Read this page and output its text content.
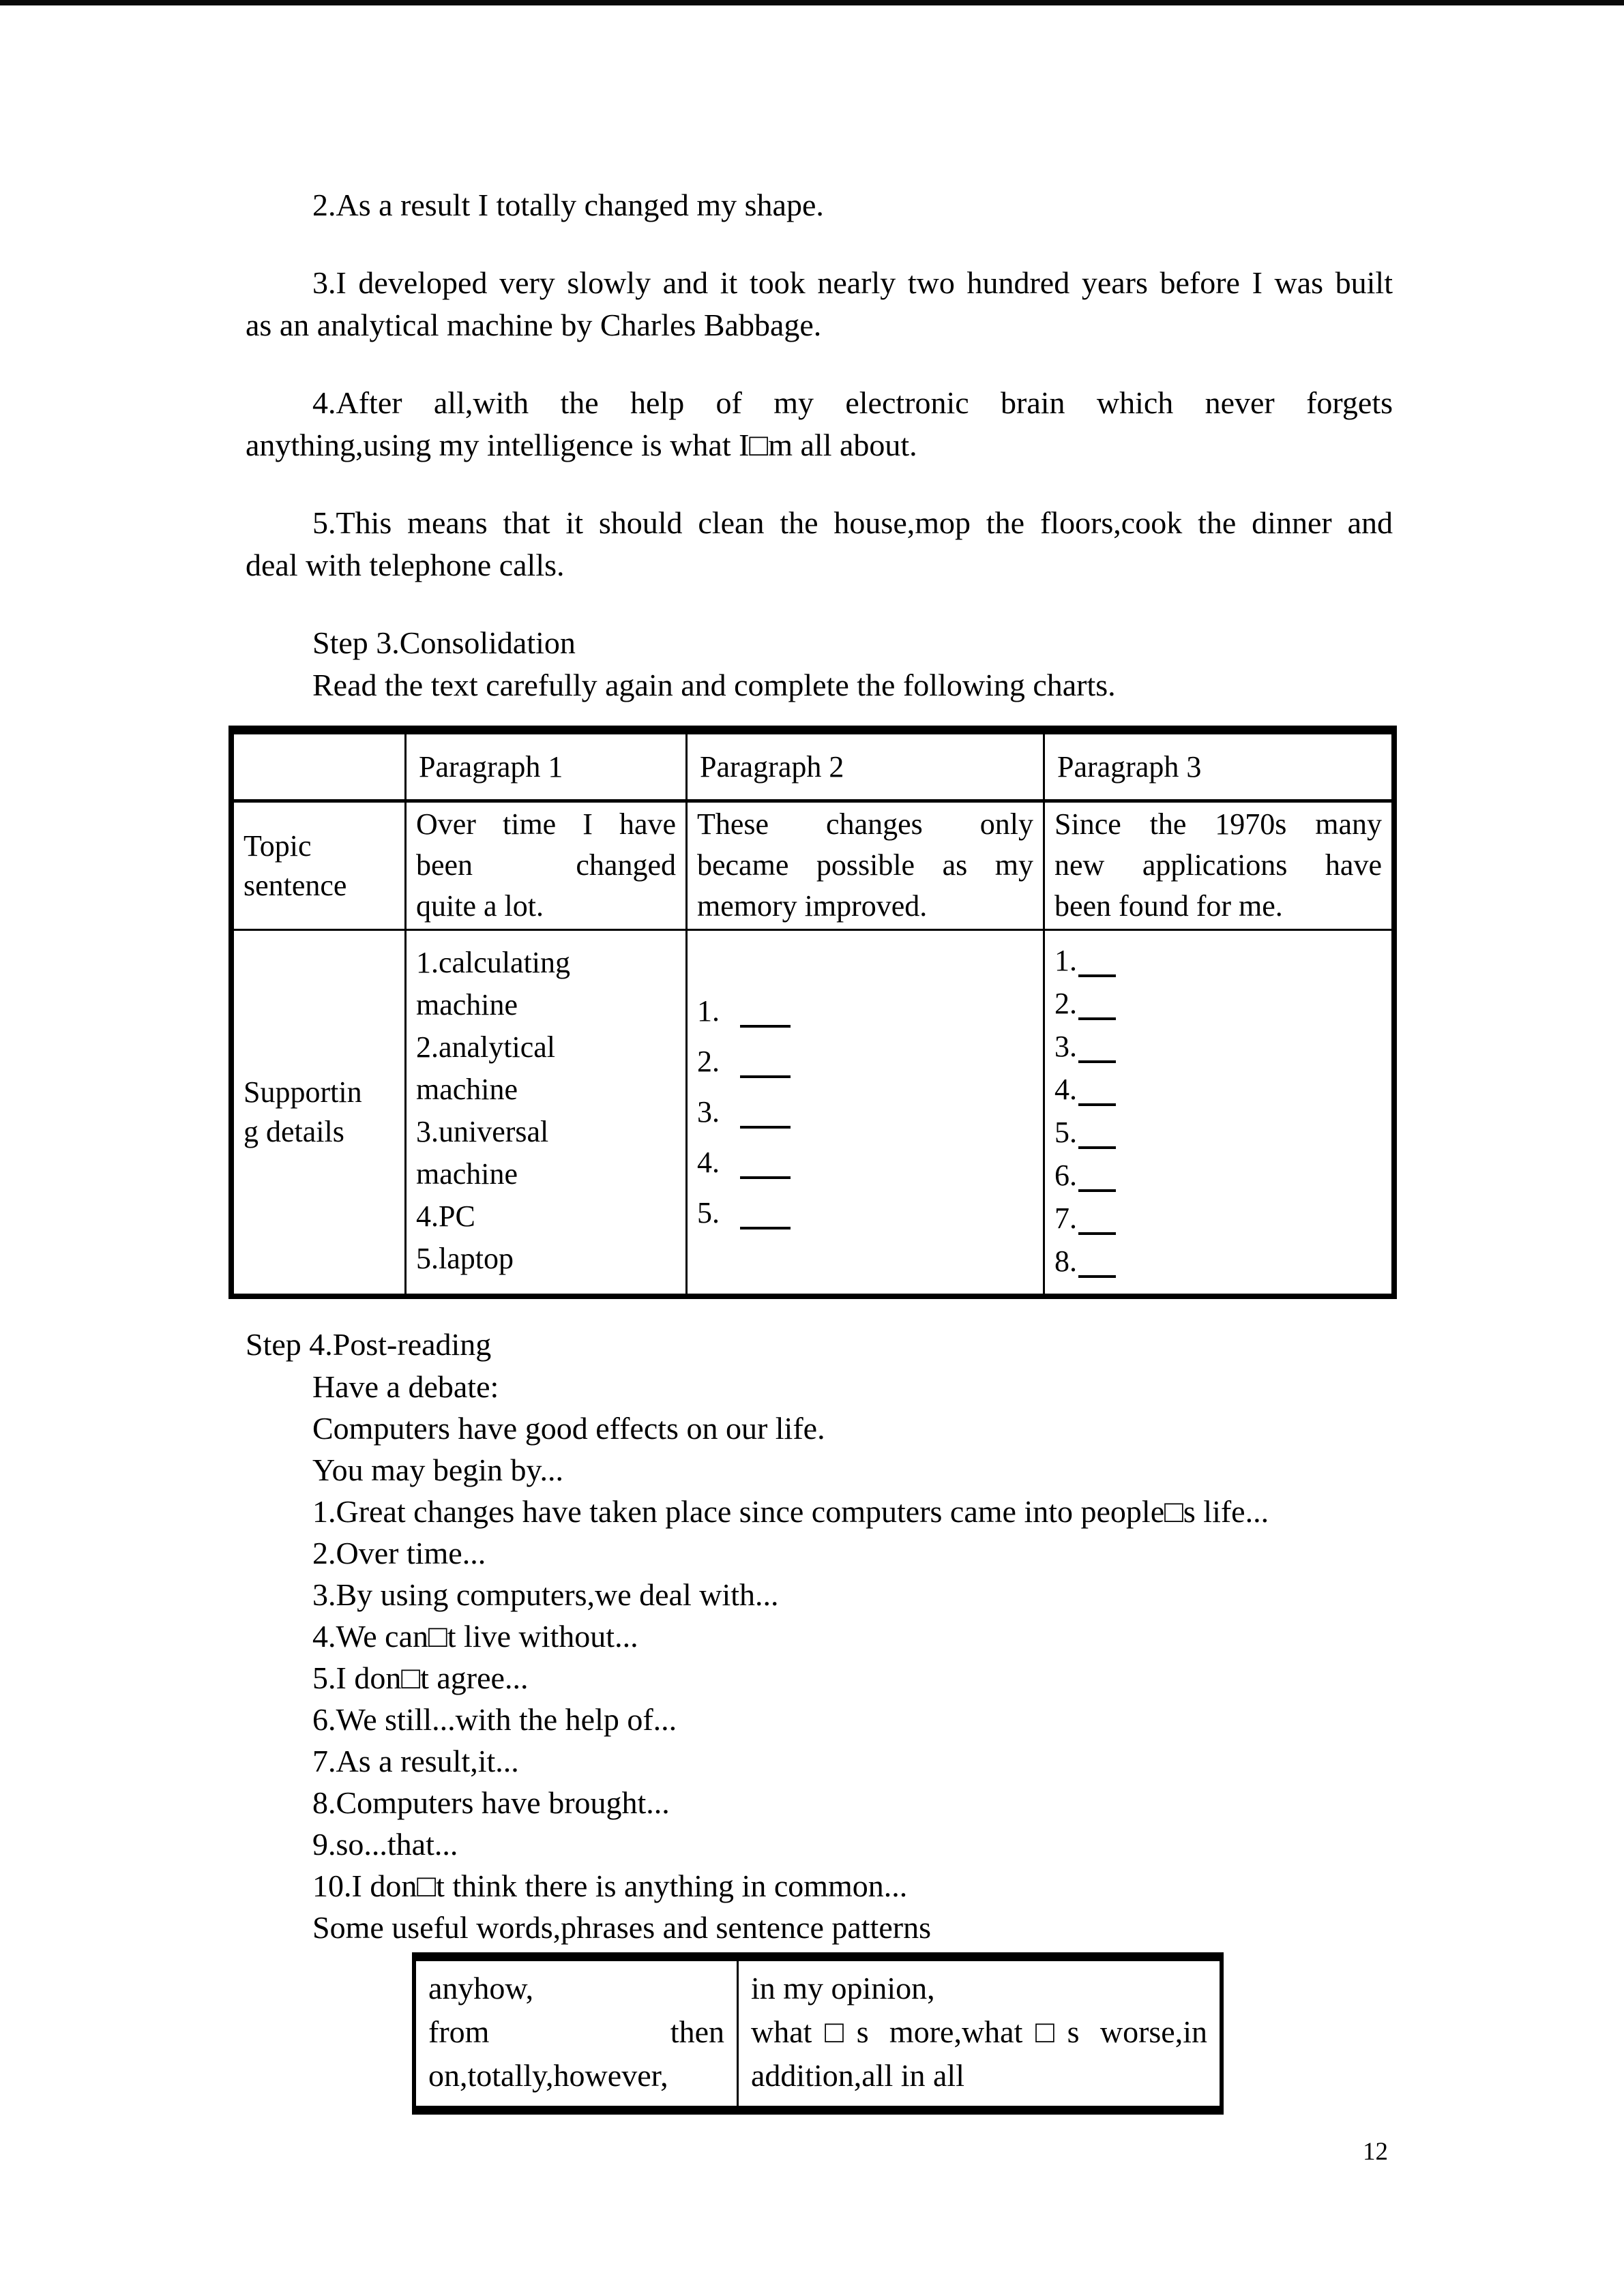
2.As a result I totally changed my shape.
3.I developed very slowly and it took nearly two hundred years before I was built
as an analytical machine by Charles Babbage.
4.After all,with the help of my electronic brain which never forgets
anything,using my intelligence is what I□m all about.
5.This means that it should clean the house,mop the floors,cook the dinner and
deal with telephone calls.
Step 3.Consolidation
Read the text carefully again and complete the following charts.
Paragraph 1	Paragraph 2	Paragraph 3
Topic
sentence
Over time I have
been changed
quite a lot.
These changes only
became possible as my
memory improved.
Since the 1970s many
new applications have
been found for me.
Supportin
g details
1.calculating
machine
2.analytical
machine
3.universal
machine
4.PC
5.laptop
1.
2.
3.
4.
5.
1.
2.
3.
4.
5.
6.
7.
8.
Step 4.Post-reading
Have a debate:
Computers have good effects on our life.
You may begin by...
1.Great changes have taken place since computers came into people□s life...
2.Over time...
3.By using computers,we deal with...
4.We can□t live without...
5.I don□t agree...
6.We still...with the help of...
7.As a result,it...
8.Computers have brought...
9.so...that...
10.I don□t think there is anything in common...
Some useful words,phrases and sentence patterns
anyhow,
from then
on,totally,however,
in my opinion,
what□s more,what□s worse,in
addition,all in all
12
